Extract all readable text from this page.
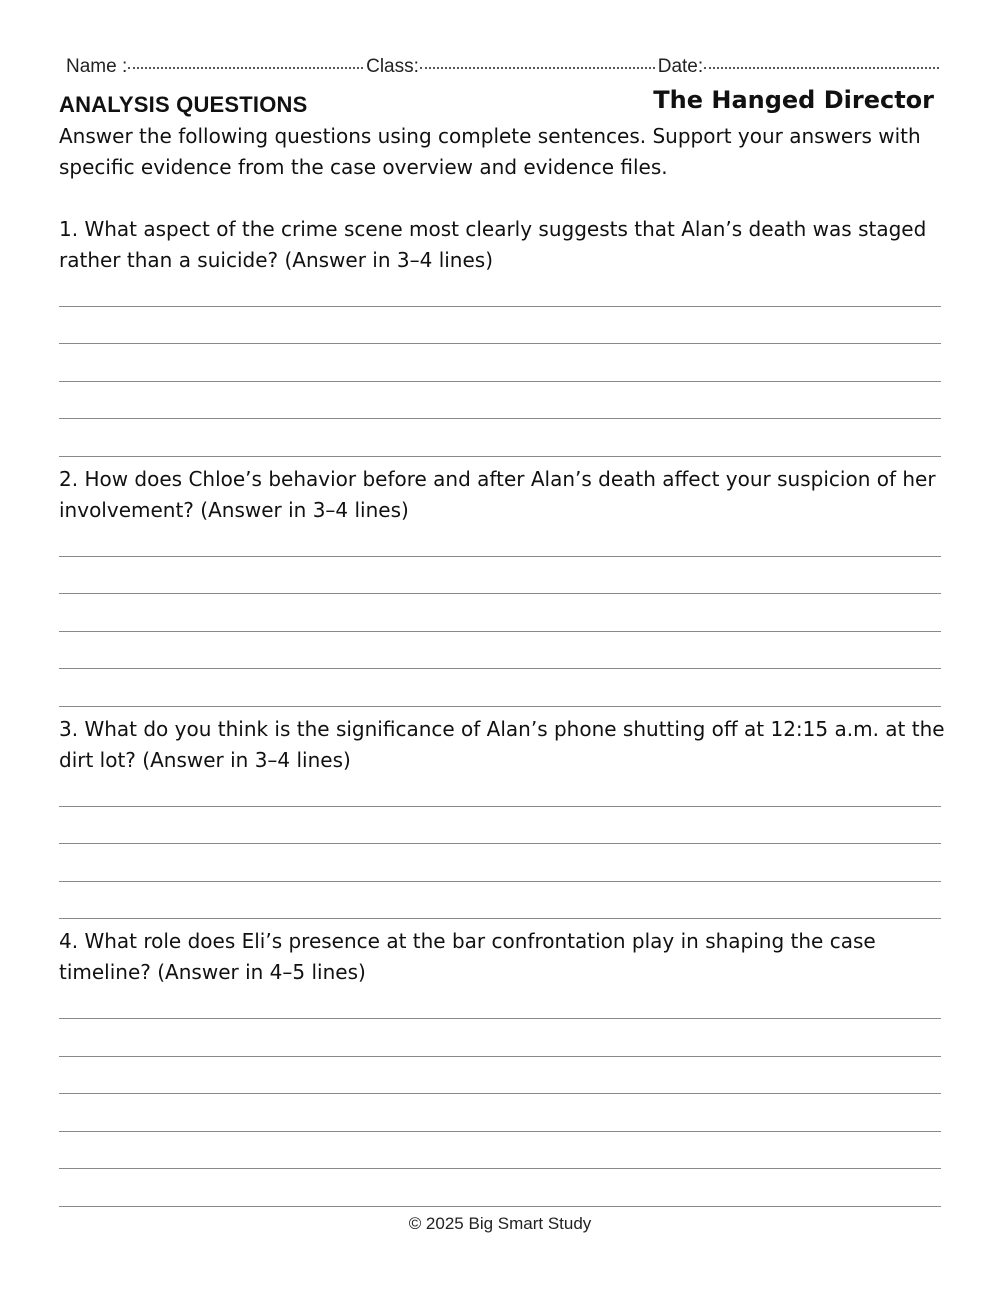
Name :	Class:	Date:
ANALYSIS QUESTIONS	The Hanged Director

Answer the following questions using complete sentences. Support your answers with specific evidence from the case overview and evidence files.

1. What aspect of the crime scene most clearly suggests that Alan’s death was staged rather than a suicide? (Answer in 3–4 lines)

2. How does Chloe’s behavior before and after Alan’s death affect your suspicion of her involvement? (Answer in 3–4 lines)

3. What do you think is the significance of Alan’s phone shutting off at 12:15 a.m. at the dirt lot? (Answer in 3–4 lines)

4. What role does Eli’s presence at the bar confrontation play in shaping the case timeline? (Answer in 4–5 lines)

© 2025 Big Smart Study
